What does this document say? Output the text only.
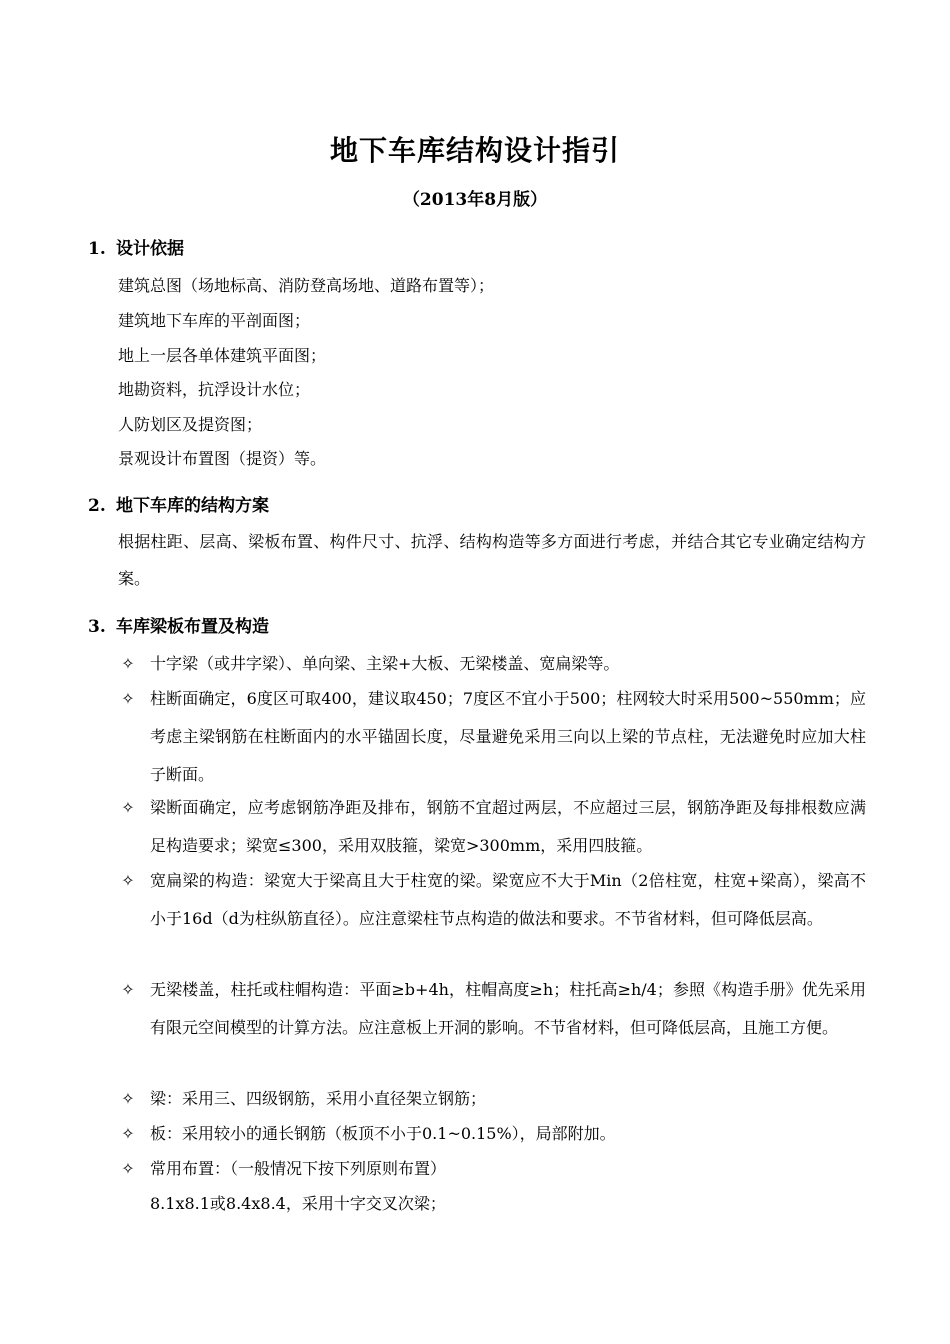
地下车库结构设计指引
（2013年8月版）
1. 设计依据
建筑总图（场地标高、消防登高场地、道路布置等）；
建筑地下车库的平剖面图；
地上一层各单体建筑平面图；
地勘资料，抗浮设计水位；
人防划区及提资图；
景观设计布置图（提资）等。
2. 地下车库的结构方案

根据柱距、层高、梁板布置、构件尺寸、抗浮、结构构造等多方面进行考虑，并结合其它专业确定结构方案。

3. 车库梁板布置及构造
✧ 十字梁（或井字梁）、单向梁、主梁+大板、无梁楼盖、宽扁梁等。

✧ 柱断面确定，6度区可取400，建议取450；7度区不宜小于500；柱网较大时采用500~550mm；应考虑主梁钢筋在柱断面内的水平锚固长度，尽量避免采用三向以上梁的节点柱，无法避免时应加大柱子断面。

✧ 梁断面确定，应考虑钢筋净距及排布，钢筋不宜超过两层，不应超过三层，钢筋净距及每排根数应满足构造要求；梁宽≤300，采用双肢箍，梁宽>300mm，采用四肢箍。

✧ 宽扁梁的构造：梁宽大于梁高且大于柱宽的梁。梁宽应不大于Min（2倍柱宽，柱宽+梁高），梁高不小于16d（d为柱纵筋直径）。应注意梁柱节点构造的做法和要求。不节省材料，但可降低层高。

✧ 无梁楼盖，柱托或柱帽构造：平面≥b+4h，柱帽高度≥h；柱托高≥h/4；参照《构造手册》优先采用有限元空间模型的计算方法。应注意板上开洞的影响。不节省材料，但可降低层高，且施工方便。

✧ 梁：采用三、四级钢筋，采用小直径架立钢筋；

✧ 板：采用较小的通长钢筋（板顶不小于0.1~0.15%），局部附加。

✧ 常用布置：（一般情况下按下列原则布置）

8.1x8.1或8.4x8.4，采用十字交叉次梁；
